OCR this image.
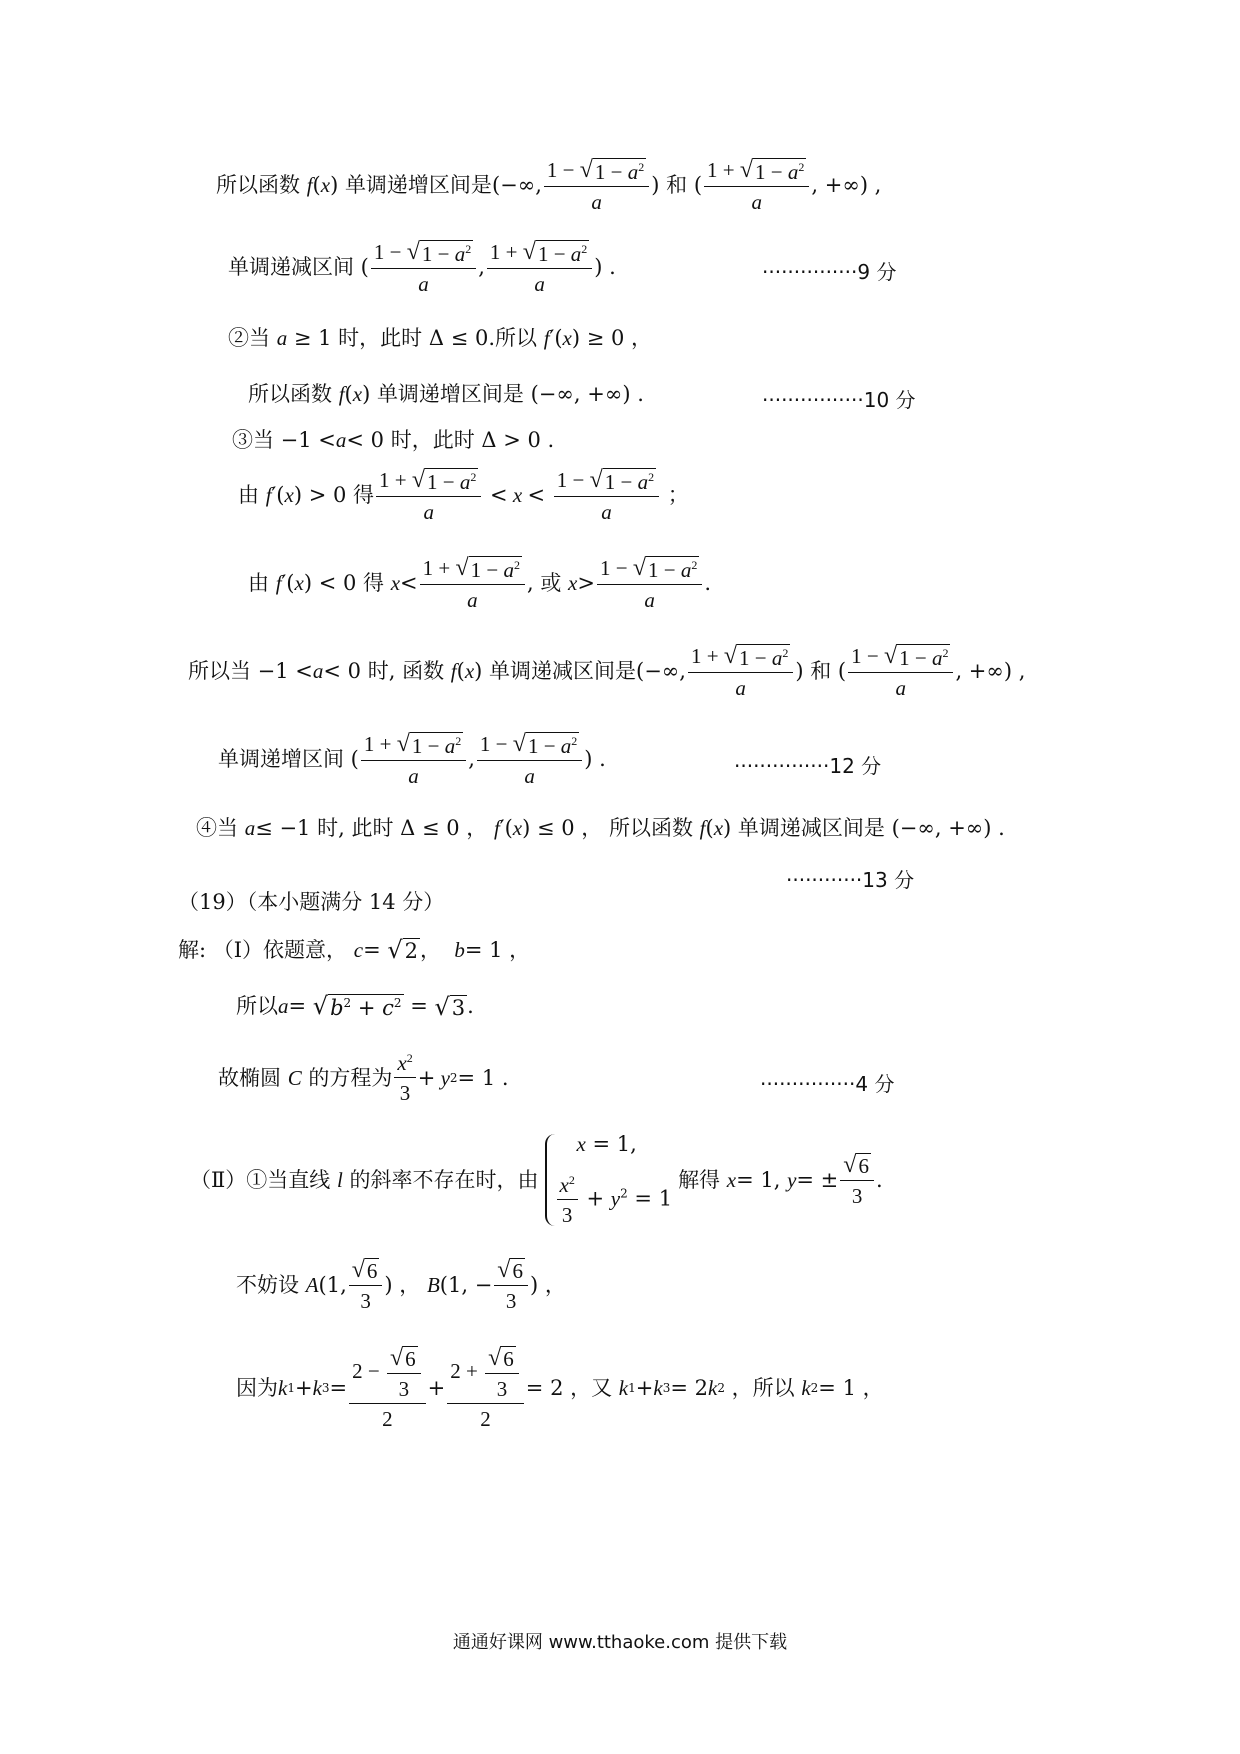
所以函数
f ( x ) 单调递增区间是 (−∞, $\frac{1 - √ 1 - a^2}{a}$ ) 和 ( $\frac{1 + √ 1 - a^2}{a}$ , +∞) ,
单调递减区间 ( $\frac{1 - √ 1 - a^2}{a}$ , $\frac{1 + √ 1 - a^2}{a}$ ) .	···············9 分
②当
a ≥ 1 时，此时 Δ ≤ 0 .所以
f ′( x ) ≥ 0 ，
所以函数
f ( x ) 单调递增区间是 (−∞, +∞) .	················10 分
③当 −1 < a < 0 时，此时 Δ > 0 .
由
f ′( x ) > 0 得 $\frac{1 + √ 1 - a^2}{a} < x < \frac{1 - √ 1 - a^2}{a}$ ；
由
f ′( x ) < 0 得
$x < \frac{1 + √ 1 - a^2}{a}$ , 或
$x > \frac{1 - √ 1 - a^2}{a}$ .
所以当 −1 < a < 0 时, 函数
f ( x ) 单调递减区间是 (−∞, $\frac{1 + √ 1 - a^2}{a}$ ) 和 ( $\frac{1 - √ 1 - a^2}{a}$ , +∞) ,
单调递增区间 ( $\frac{1 + √ 1 - a^2}{a}$ , $\frac{1 - √ 1 - a^2}{a}$ ) .	···············12 分
④当
a ≤ −1 时, 此时 Δ ≤ 0 ， f ′( x ) ≤ 0 ， 所以函数
f ( x ) 单调递减区间是 (−∞, +∞) .
············13 分
（19）（本小题满分 14 分）
解: （Ⅰ）依题意，
c = √ 2 ， b = 1 ，
所以 a = √ $b^2 + c^2$ = √ 3 .
故椭圆
C
的方程为 $\frac{x^2}{3} + y$ 2 = 1 .	···············4 分
（Ⅱ）①当直线
l
的斜率不存在时，由
x = 1,
$\frac{x^2}{3} + y^2 = 1$
解得
x = 1, y = ± $\frac{√ 6}{3}$ .
不妨设
A (1, $\frac{√ 6}{3}$ ) ， B (1, − $\frac{√ 6}{3}$ ) ，
因为 k 1 + k $3 = \frac{2 - \frac{√ 6}{3}}{2} + \frac{2 + \frac{√ 6}{3}}{2} = 2$ ，又
k 1 + k 3 = 2 k 2
，所以
k 2 = 1 ，
通通好课网 www.tthaoke.com 提供下载
